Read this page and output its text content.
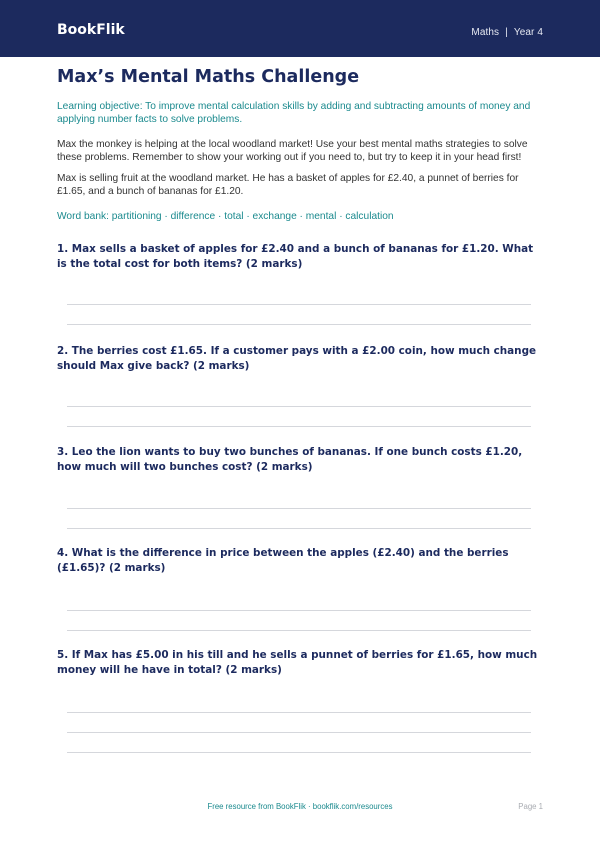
BookFlik	Maths | Year 4
Max’s Mental Maths Challenge

Learning objective: To improve mental calculation skills by adding and subtracting amounts of money and applying number facts to solve problems.

Max the monkey is helping at the local woodland market! Use your best mental maths strategies to solve these problems. Remember to show your working out if you need to, but try to keep it in your head first!

Max is selling fruit at the woodland market. He has a basket of apples for £2.40, a punnet of berries for £1.65, and a bunch of bananas for £1.20.

Word bank: partitioning · difference · total · exchange · mental · calculation

1. Max sells a basket of apples for £2.40 and a bunch of bananas for £1.20. What is the total cost for both items? (2 marks)
2. The berries cost £1.65. If a customer pays with a £2.00 coin, how much change should Max give back? (2 marks)
3. Leo the lion wants to buy two bunches of bananas. If one bunch costs £1.20, how much will two bunches cost? (2 marks)
4. What is the difference in price between the apples (£2.40) and the berries (£1.65)? (2 marks)
5. If Max has £5.00 in his till and he sells a punnet of berries for £1.65, how much money will he have in total? (2 marks)
Free resource from BookFlik · bookflik.com/resources	Page 1
